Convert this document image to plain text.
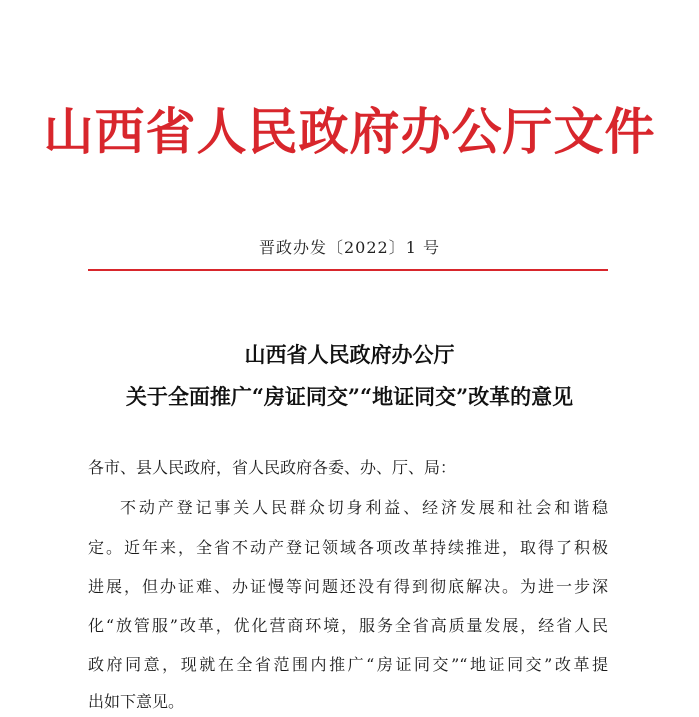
山西省人民政府办公厅文件
晋政办发〔2022〕1 号
山西省人民政府办公厅
关于全面推广“房证同交”“地证同交”改革的意见
各市、县人民政府，省人民政府各委、办、厅、局：
不动产登记事关人民群众切身利益、经济发展和社会和谐稳
定。近年来，全省不动产登记领域各项改革持续推进，取得了积极
进展，但办证难、办证慢等问题还没有得到彻底解决。为进一步深
化“放管服”改革，优化营商环境，服务全省高质量发展，经省人民
政府同意，现就在全省范围内推广“房证同交”“地证同交”改革提
出如下意见。
